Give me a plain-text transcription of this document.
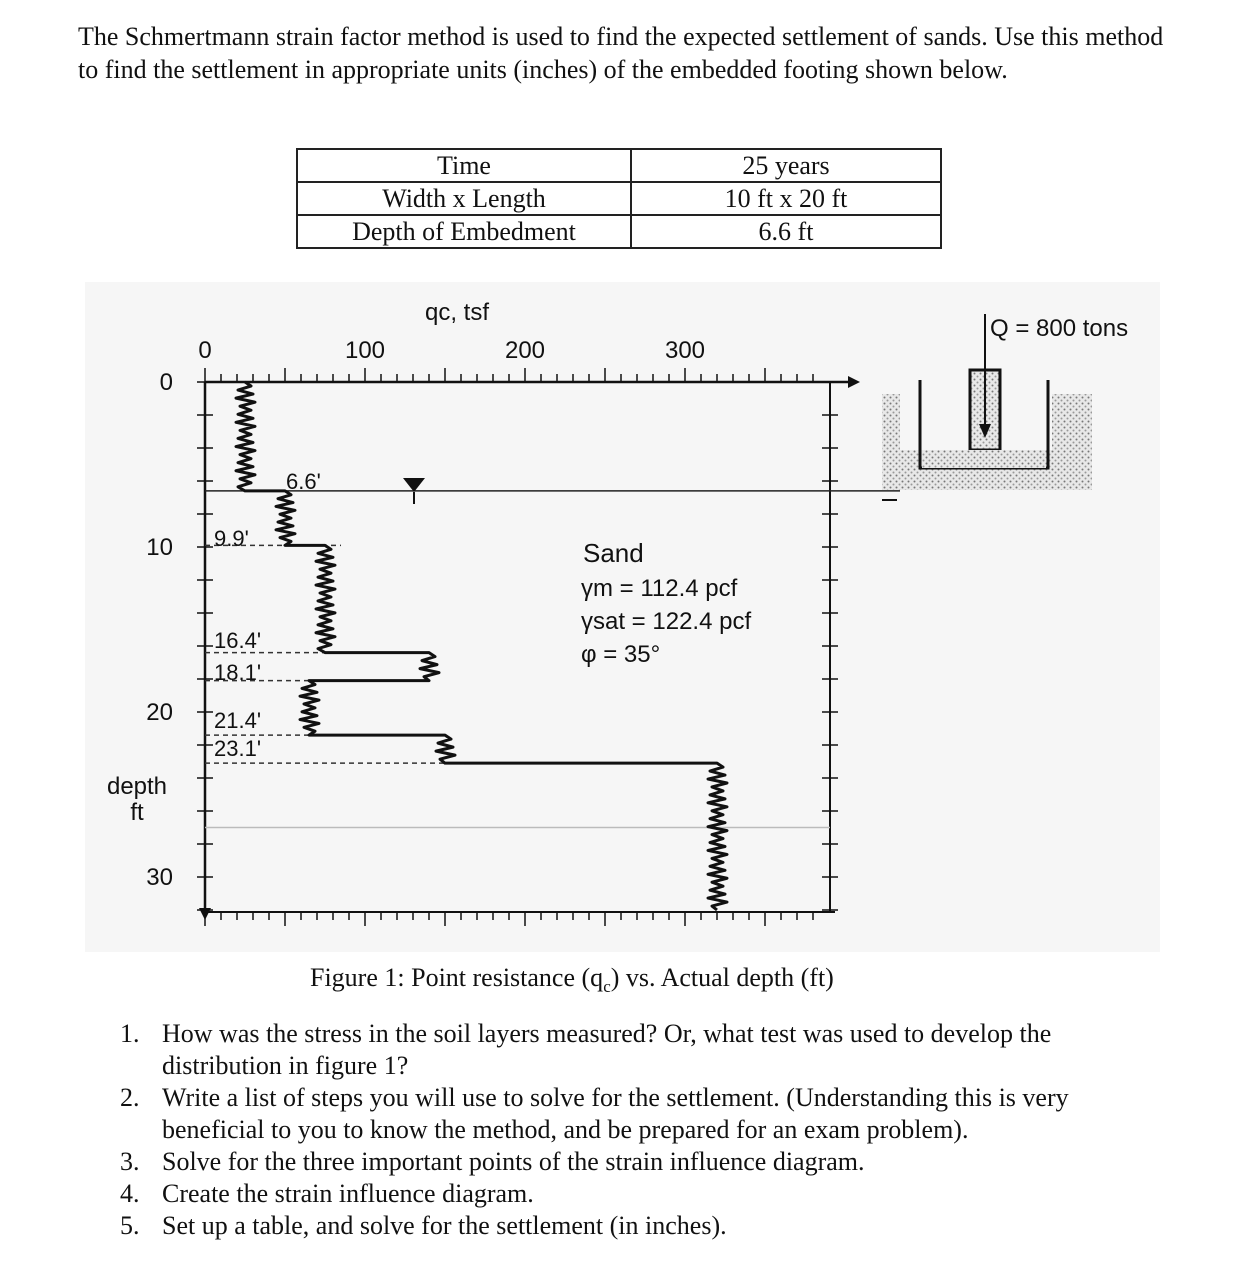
The Schmertmann strain factor method is used to find the expected settlement of sands. Use this method to find the settlement in appropriate units (inches) of the embedded footing shown below.

Time	25 years
Width x Length	10 ft x 20 ft
Depth of Embedment	6.6 ft
qc, tsf
0	100	200	300
0
10
20
30
depth
ft
6.6'
9.9'
16.4'
18.1'
21.4'
23.1'
Sand
γm = 112.4 pcf
γsat = 122.4 pcf
φ = 35°
Q = 800 tons
Figure 1: Point resistance $(q_c)$ vs. Actual depth (ft)
1. How was the stress in the soil layers measured? Or, what test was used to develop the distribution in figure 1?
2. Write a list of steps you will use to solve for the settlement. (Understanding this is very beneficial to you to know the method, and be prepared for an exam problem).
3. Solve for the three important points of the strain influence diagram.
4. Create the strain influence diagram.
5. Set up a table, and solve for the settlement (in inches).
